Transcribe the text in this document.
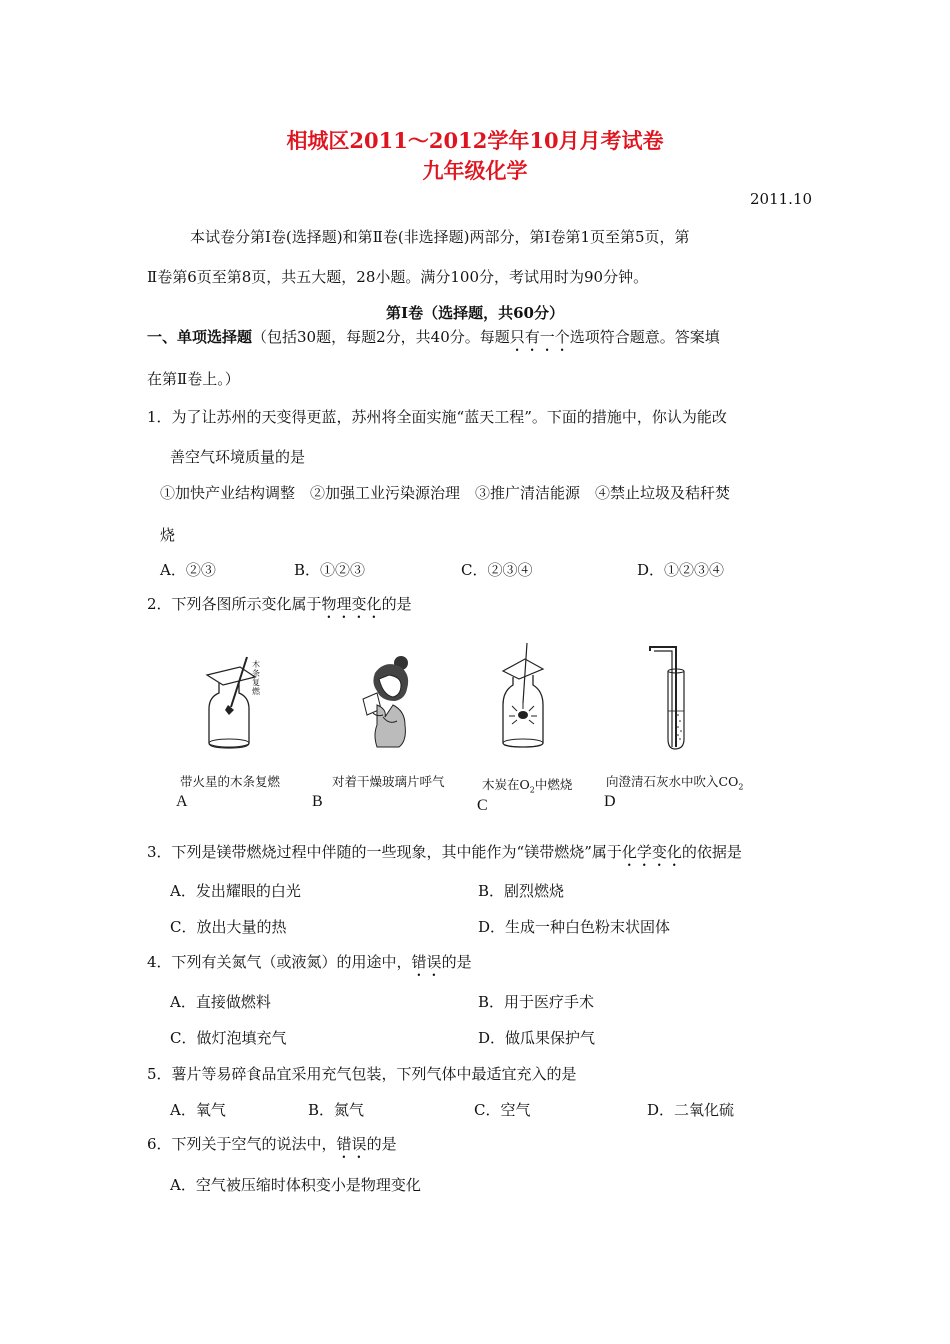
相城区2011～2012学年10月月考试卷
九年级化学
2011.10
本试卷分第Ⅰ卷(选择题)和第Ⅱ卷(非选择题)两部分，第Ⅰ卷第1页至第5页，第
Ⅱ卷第6页至第8页，共五大题，28小题。满分100分，考试用时为90分钟。
第Ⅰ卷（选择题，共60分）
一、单项选择题（包括30题，每题2分，共40分。每题只有一个选项符合题意。答案填
在第Ⅱ卷上。）
1．为了让苏州的天变得更蓝，苏州将全面实施“蓝天工程”。下面的措施中，你认为能改
善空气环境质量的是
①加快产业结构调整　②加强工业污染源治理　③推广清洁能源　④禁止垃圾及秸秆焚
烧
A．②③	B．①②③	C．②③④	D．①②③④
2．下列各图所示变化属于物理变化的是
木条复燃
带火星的木条复燃	对着干燥玻璃片呼气	木炭在$O_2$中燃烧	向澄清石灰水中吹入$CO_2$
A	B	C	D
3．下列是镁带燃烧过程中伴随的一些现象，其中能作为“镁带燃烧”属于化学变化的依据是
A．发出耀眼的白光	B．剧烈燃烧
C．放出大量的热	D．生成一种白色粉末状固体
4．下列有关氮气（或液氮）的用途中，错误的是
A．直接做燃料	B．用于医疗手术
C．做灯泡填充气	D．做瓜果保护气
5．薯片等易碎食品宜采用充气包装，下列气体中最适宜充入的是
A．氧气	B．氮气	C．空气	D．二氧化硫
6．下列关于空气的说法中，错误的是
A．空气被压缩时体积变小是物理变化
